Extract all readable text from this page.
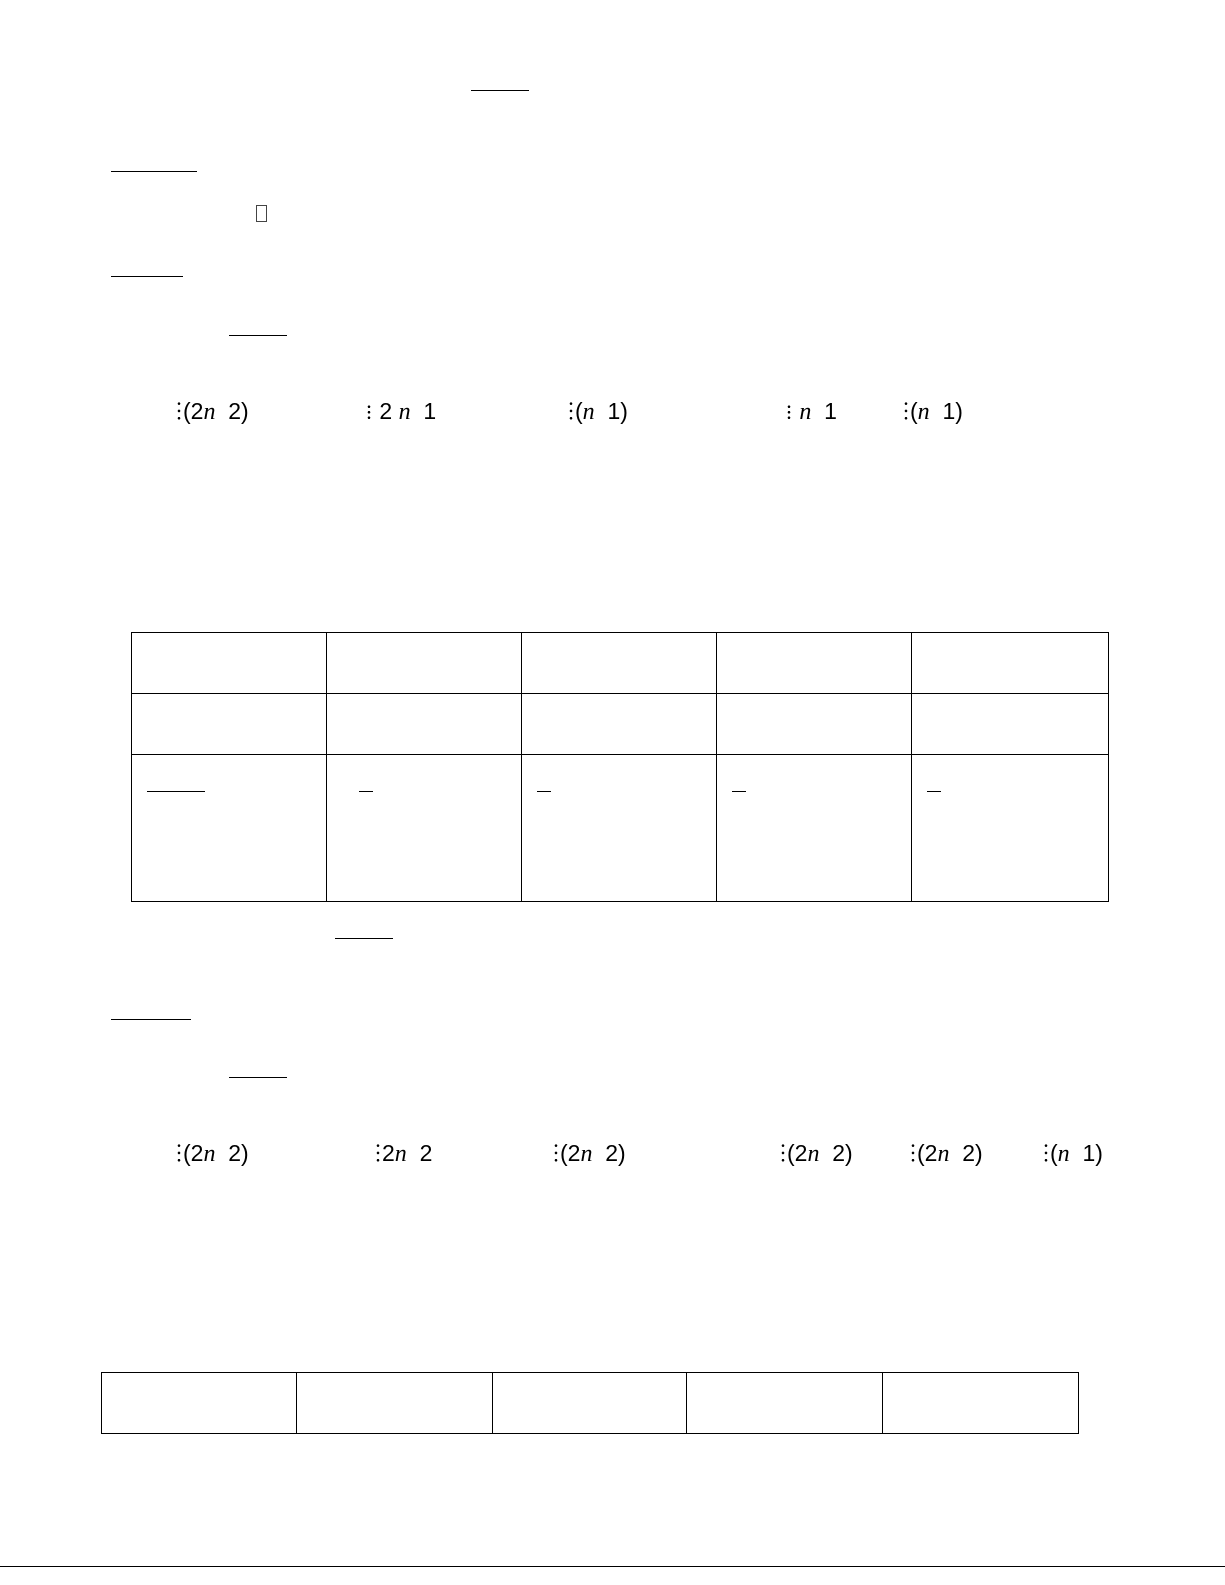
(2n 2)	2 n 1	(n 1)	n 1	(n 1)

(2n 2)	2n 2	(2n 2)	(2n 2)	(2n 2)	(n 1)
